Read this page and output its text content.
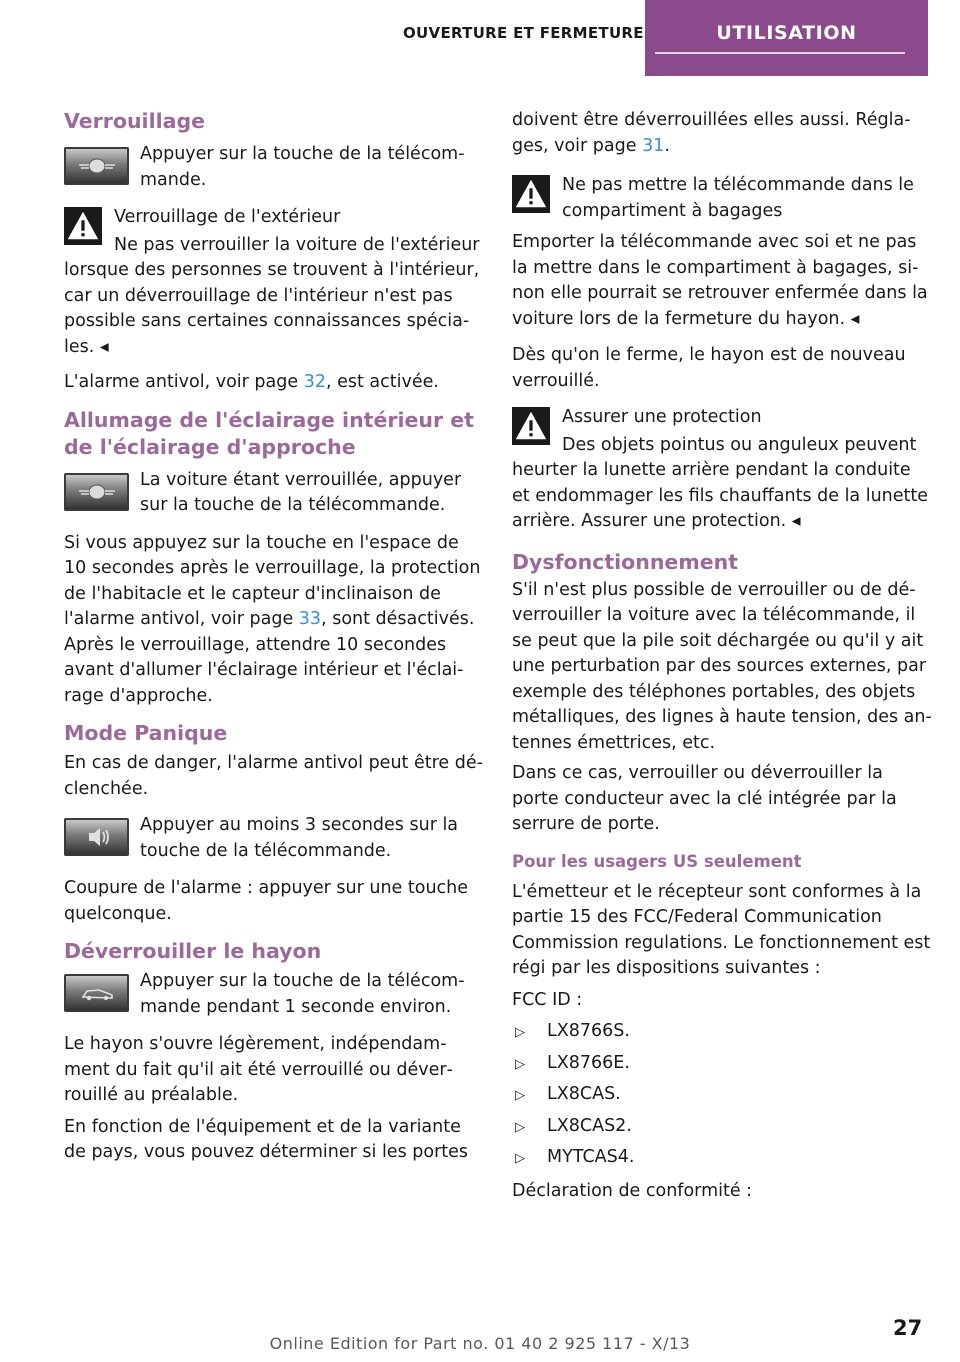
OUVERTURE ET FERMETURE	UTILISATION
Verrouillage

Appuyer sur la touche de la télécommande.

Verrouillage de l'extérieur

Ne pas verrouiller la voiture de l'extérieur lorsque des personnes se trouvent à l'intérieur, car un déverrouillage de l'intérieur n'est pas possible sans certaines connaissances spéciales. ◂

L'alarme antivol, voir page 32, est activée.

Allumage de l'éclairage intérieur et de l'éclairage d'approche

La voiture étant verrouillée, appuyer sur la touche de la télécommande.

Si vous appuyez sur la touche en l'espace de 10 secondes après le verrouillage, la protection de l'habitacle et le capteur d'inclinaison de l'alarme antivol, voir page 33, sont désactivés. Après le verrouillage, attendre 10 secondes avant d'allumer l'éclairage intérieur et l'éclairage d'approche.

Mode Panique

En cas de danger, l'alarme antivol peut être déclenchée.

Appuyer au moins 3 secondes sur la touche de la télécommande.

Coupure de l'alarme : appuyer sur une touche quelconque.

Déverrouiller le hayon

Appuyer sur la touche de la télécommande pendant 1 seconde environ.

Le hayon s'ouvre légèrement, indépendamment du fait qu'il ait été verrouillé ou déverrouillé au préalable.

En fonction de l'équipement et de la variante de pays, vous pouvez déterminer si les portes

doivent être déverrouillées elles aussi. Réglages, voir page 31.

Ne pas mettre la télécommande dans le compartiment à bagages

Emporter la télécommande avec soi et ne pas la mettre dans le compartiment à bagages, sinon elle pourrait se retrouver enfermée dans la voiture lors de la fermeture du hayon. ◂

Dès qu'on le ferme, le hayon est de nouveau verrouillé.

Assurer une protection

Des objets pointus ou anguleux peuvent heurter la lunette arrière pendant la conduite et endommager les fils chauffants de la lunette arrière. Assurer une protection. ◂

Dysfonctionnement

S'il n'est plus possible de verrouiller ou de déverrouiller la voiture avec la télécommande, il se peut que la pile soit déchargée ou qu'il y ait une perturbation par des sources externes, par exemple des téléphones portables, des objets métalliques, des lignes à haute tension, des antennes émettrices, etc.

Dans ce cas, verrouiller ou déverrouiller la porte conducteur avec la clé intégrée par la serrure de porte.

Pour les usagers US seulement

L'émetteur et le récepteur sont conformes à la partie 15 des FCC/Federal Communication Commission regulations. Le fonctionnement est régi par les dispositions suivantes :

FCC ID :

▷ LX8766S.
▷ LX8766E.
▷ LX8CAS.
▷ LX8CAS2.
▷ MYTCAS4.

Déclaration de conformité :

27
Online Edition for Part no. 01 40 2 925 117 - X/13
